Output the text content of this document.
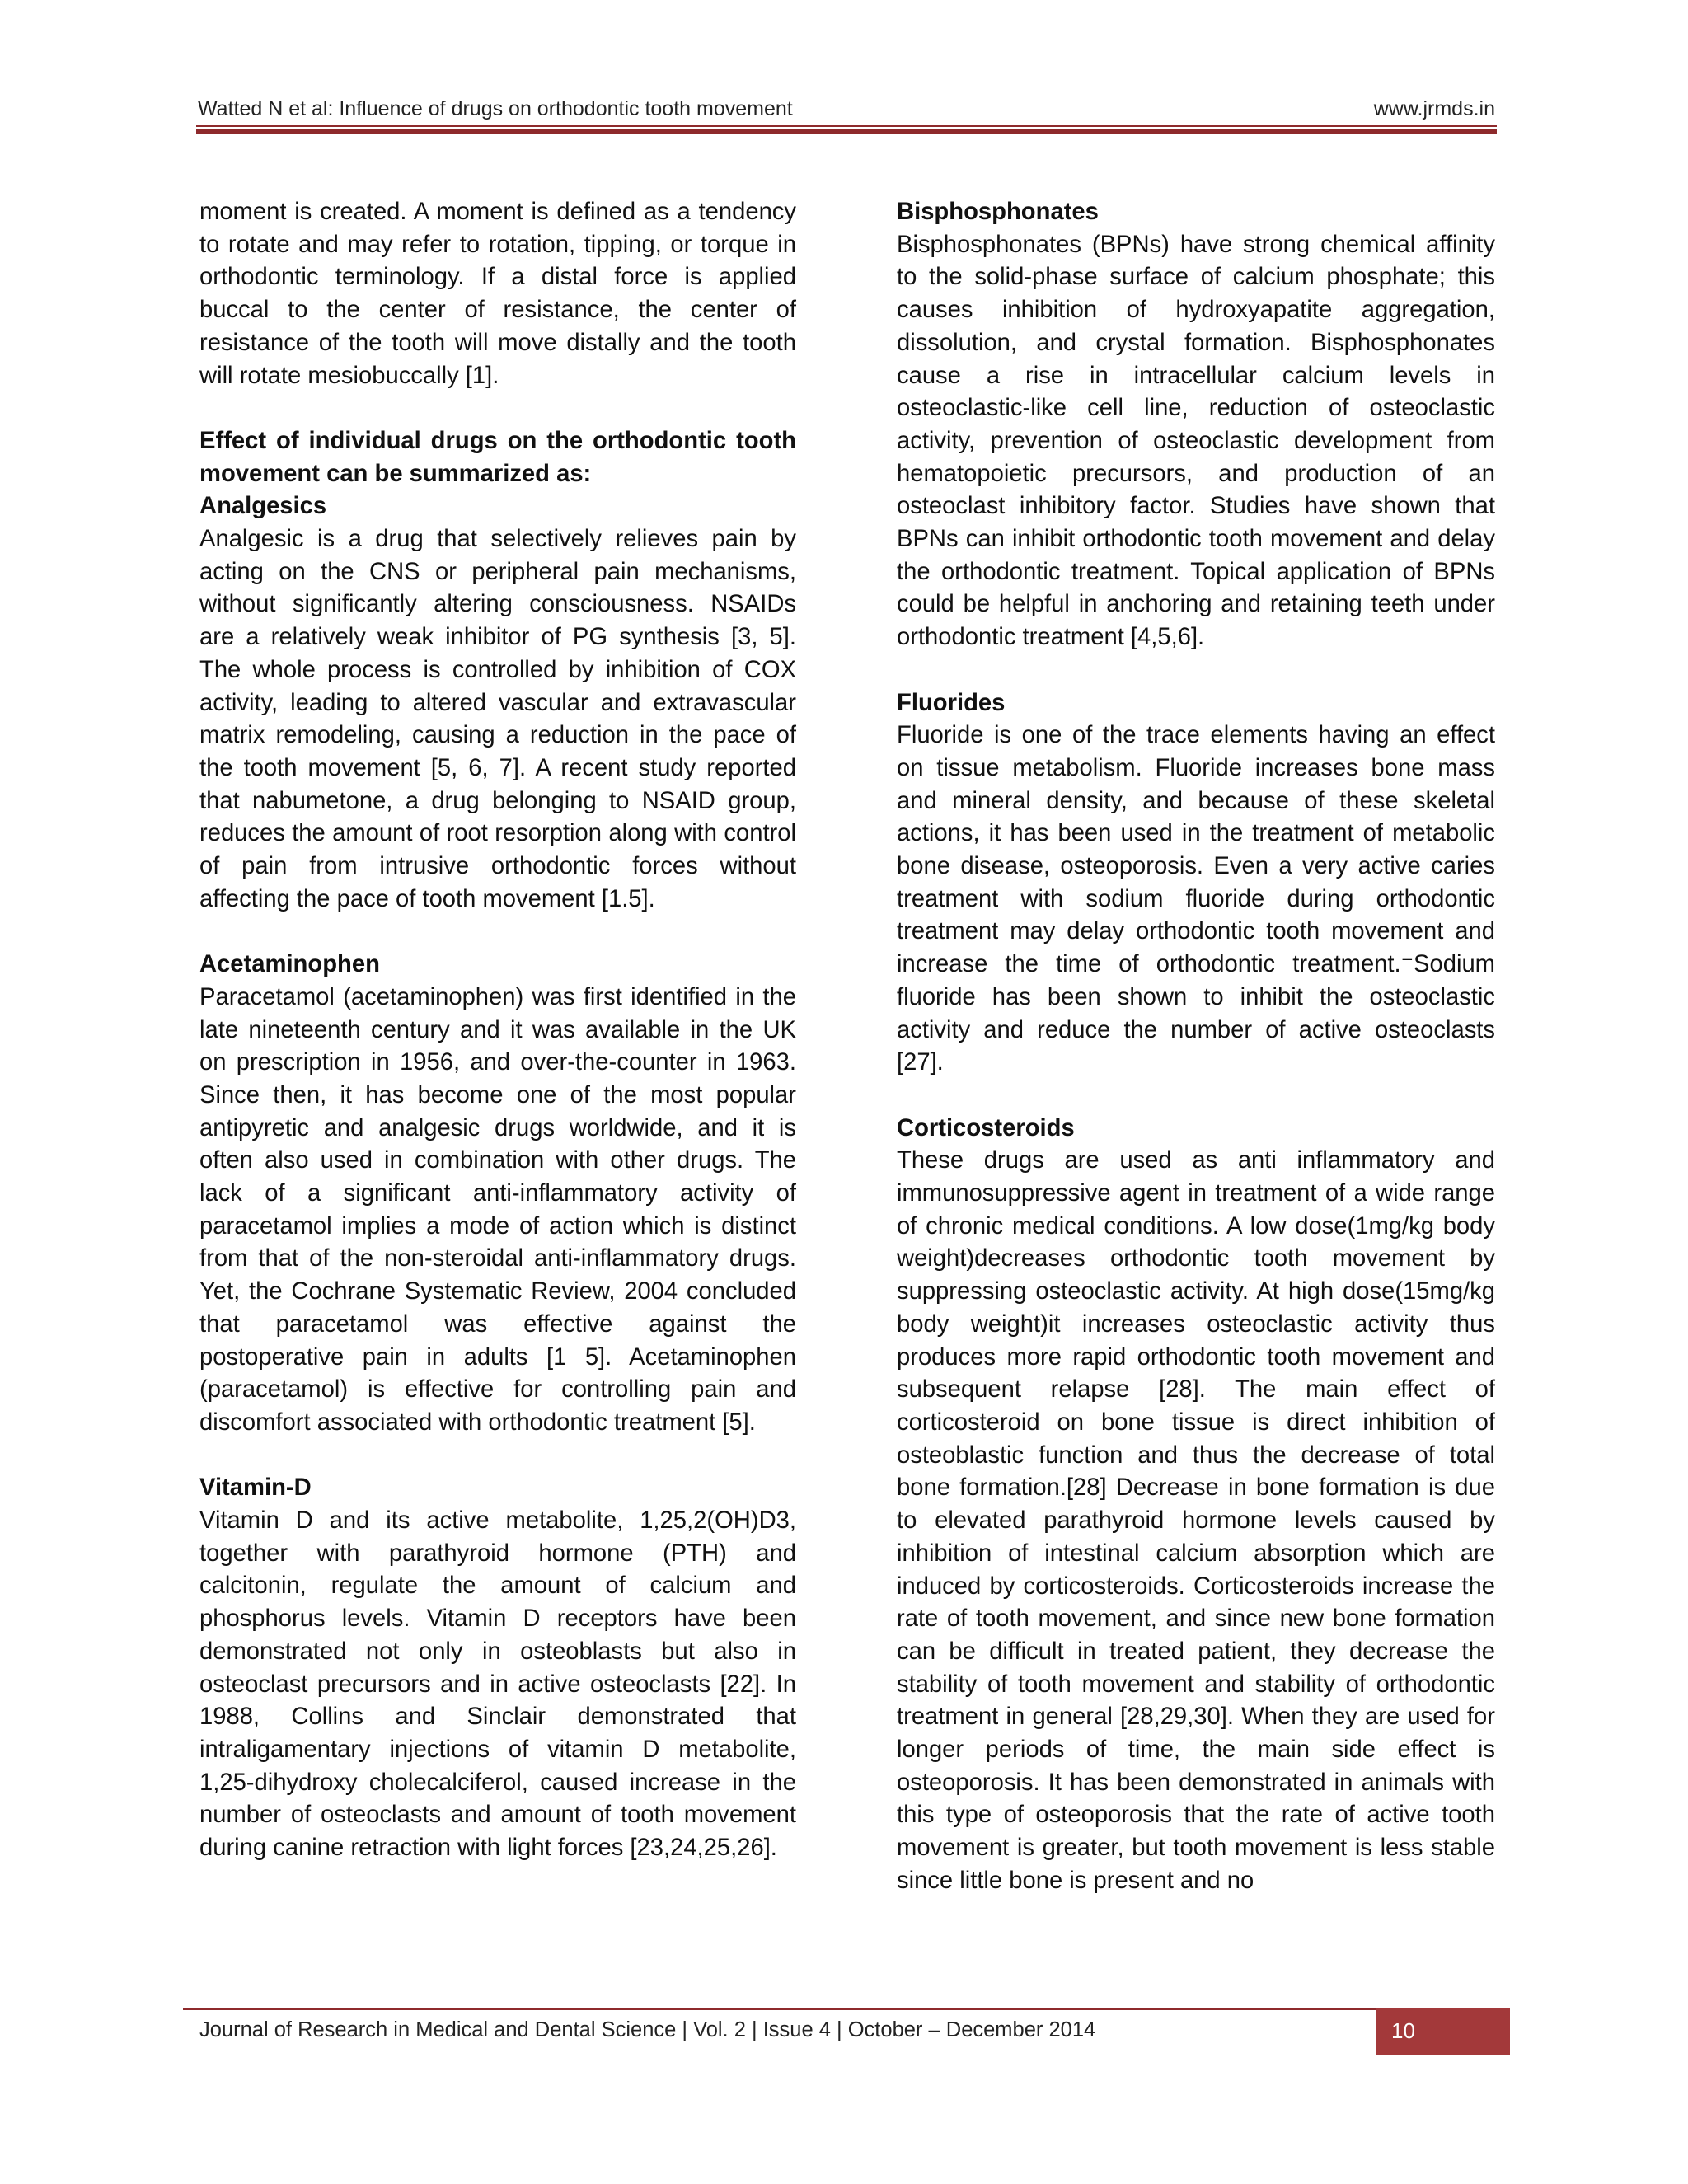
Watted N et al: Influence of drugs on orthodontic tooth movement	www.jrmds.in

moment is created. A moment is defined as a tendency to rotate and may refer to rotation, tipping, or torque in orthodontic terminology. If a distal force is applied buccal to the center of resistance, the center of resistance of the tooth will move distally and the tooth will rotate mesiobuccally [1].

Effect of individual drugs on the orthodontic tooth movement can be summarized as:
Analgesics

Analgesic is a drug that selectively relieves pain by acting on the CNS or peripheral pain mechanisms, without significantly altering consciousness. NSAIDs are a relatively weak inhibitor of PG synthesis [3, 5]. The whole process is controlled by inhibition of COX activity, leading to altered vascular and extravascular matrix remodeling, causing a reduction in the pace of the tooth movement [5, 6, 7]. A recent study reported that nabumetone, a drug belonging to NSAID group, reduces the amount of root resorption along with control of pain from intrusive orthodontic forces without affecting the pace of tooth movement [1.5].

Acetaminophen

Paracetamol (acetaminophen) was first identified in the late nineteenth century and it was available in the UK on prescription in 1956, and over-the-counter in 1963. Since then, it has become one of the most popular antipyretic and analgesic drugs worldwide, and it is often also used in combination with other drugs. The lack of a significant anti-inflammatory activity of paracetamol implies a mode of action which is distinct from that of the non-steroidal anti-inflammatory drugs. Yet, the Cochrane Systematic Review, 2004 concluded that paracetamol was effective against the postoperative pain in adults [1 5]. Acetaminophen (paracetamol) is effective for controlling pain and discomfort associated with orthodontic treatment [5].

Vitamin-D

Vitamin D and its active metabolite, 1,25,2(OH)D3, together with parathyroid hormone (PTH) and calcitonin, regulate the amount of calcium and phosphorus levels. Vitamin D receptors have been demonstrated not only in osteoblasts but also in osteoclast precursors and in active osteoclasts [22]. In 1988, Collins and Sinclair demonstrated that intraligamentary injections of vitamin D metabolite, 1,25-dihydroxy cholecalciferol, caused increase in the number of osteoclasts and amount of tooth movement during canine retraction with light forces [23,24,25,26].

Bisphosphonates

Bisphosphonates (BPNs) have strong chemical affinity to the solid-phase surface of calcium phosphate; this causes inhibition of hydroxyapatite aggregation, dissolution, and crystal formation. Bisphosphonates cause a rise in intracellular calcium levels in osteoclastic-like cell line, reduction of osteoclastic activity, prevention of osteoclastic development from hematopoietic precursors, and production of an osteoclast inhibitory factor. Studies have shown that BPNs can inhibit orthodontic tooth movement and delay the orthodontic treatment. Topical application of BPNs could be helpful in anchoring and retaining teeth under orthodontic treatment [4,5,6].

Fluorides

Fluoride is one of the trace elements having an effect on tissue metabolism. Fluoride increases bone mass and mineral density, and because of these skeletal actions, it has been used in the treatment of metabolic bone disease, osteoporosis. Even a very active caries treatment with sodium fluoride during orthodontic treatment may delay orthodontic tooth movement and increase the time of orthodontic treatment.⁻Sodium fluoride has been shown to inhibit the osteoclastic activity and reduce the number of active osteoclasts [27].

Corticosteroids

These drugs are used as anti inflammatory and immunosuppressive agent in treatment of a wide range of chronic medical conditions. A low dose(1mg/kg body weight)decreases orthodontic tooth movement by suppressing osteoclastic activity. At high dose(15mg/kg body weight)it increases osteoclastic activity thus produces more rapid orthodontic tooth movement and subsequent relapse [28]. The main effect of corticosteroid on bone tissue is direct inhibition of osteoblastic function and thus the decrease of total bone formation.[28] Decrease in bone formation is due to elevated parathyroid hormone levels caused by inhibition of intestinal calcium absorption which are induced by corticosteroids. Corticosteroids increase the rate of tooth movement, and since new bone formation can be difficult in treated patient, they decrease the stability of tooth movement and stability of orthodontic treatment in general [28,29,30]. When they are used for longer periods of time, the main side effect is osteoporosis. It has been demonstrated in animals with this type of osteoporosis that the rate of active tooth movement is greater, but tooth movement is less stable since little bone is present and no

Journal of Research in Medical and Dental Science | Vol. 2 | Issue 4 | October – December 2014	10
